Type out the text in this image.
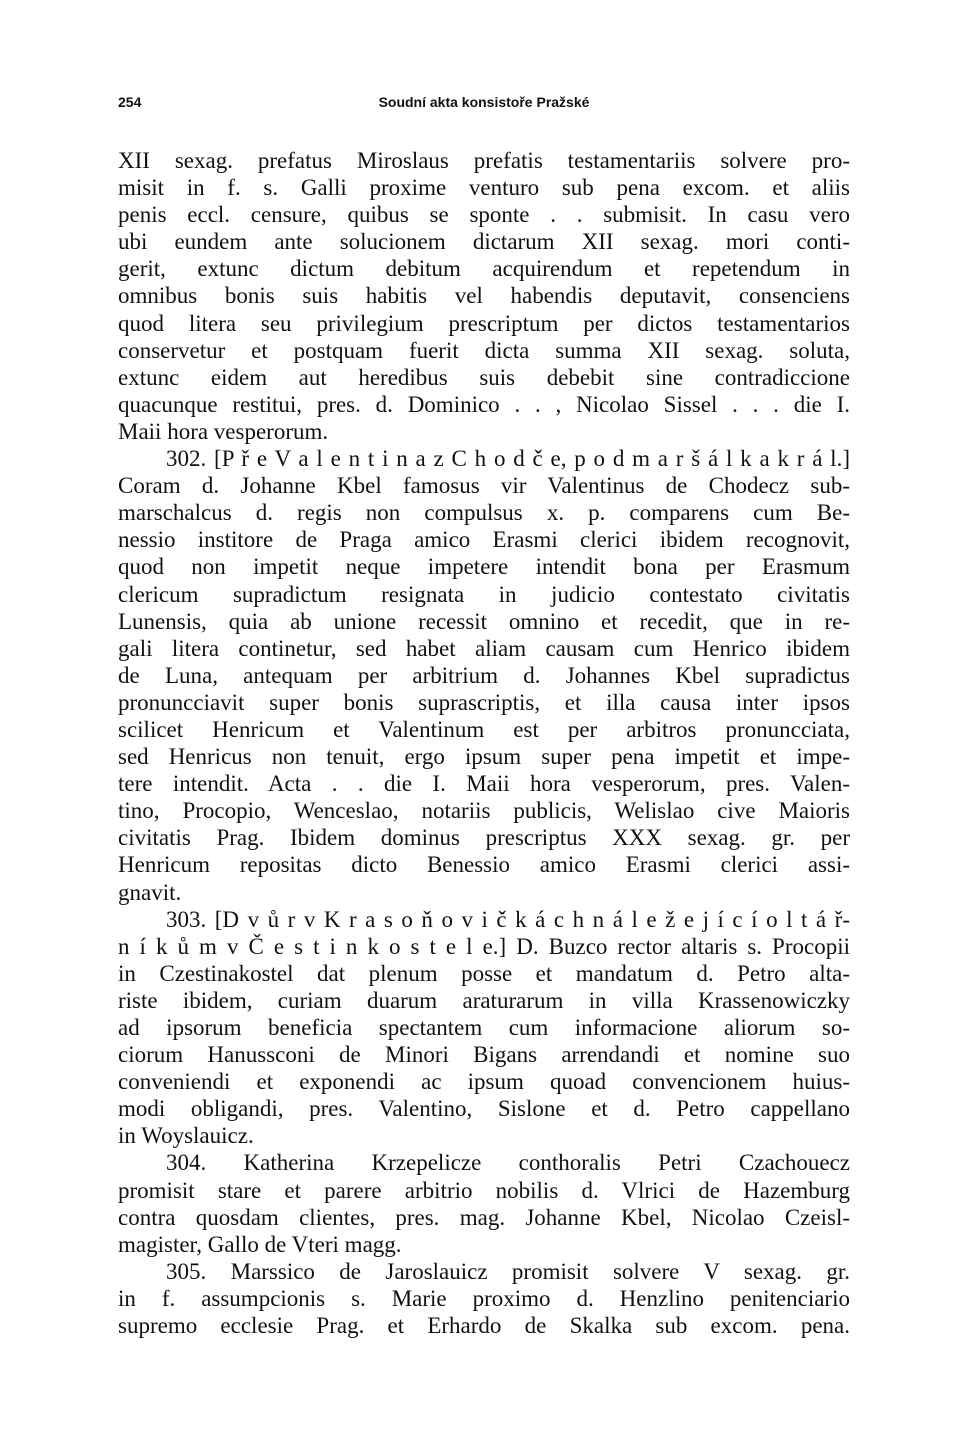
254	Soudní akta konsistoře Pražské
XII sexag. prefatus Miroslaus prefatis testamentariis solvere pro-
misit in f. s. Galli proxime venturo sub pena excom. et aliis
penis eccl. censure, quibus se sponte . . submisit. In casu vero
ubi eundem ante solucionem dictarum XII sexag. mori conti-
gerit, extunc dictum debitum acquirendum et repetendum in
omnibus bonis suis habitis vel habendis deputavit, consenciens
quod litera seu privilegium prescriptum per dictos testamentarios
conservetur et postquam fuerit dicta summa XII sexag. soluta,
extunc eidem aut heredibus suis debebit sine contradiccione
quacunque restitui, pres. d. Dominico . . , Nicolao Sissel . . . die I.
Maii hora vesperorum.
302. [P ř e V a l e n t i n a z C h o d č e, p o d m a r š á l k a k r á l.]
Coram d. Johanne Kbel famosus vir Valentinus de Chodecz sub-
marschalcus d. regis non compulsus x. p. comparens cum Be-
nessio institore de Praga amico Erasmi clerici ibidem recognovit,
quod non impetit neque impetere intendit bona per Erasmum
clericum supradictum resignata in judicio contestato civitatis
Lunensis, quia ab unione recessit omnino et recedit, que in re-
gali litera continetur, sed habet aliam causam cum Henrico ibidem
de Luna, antequam per arbitrium d. Johannes Kbel supradictus
pronuncciavit super bonis suprascriptis, et illa causa inter ipsos
scilicet Henricum et Valentinum est per arbitros pronuncciata,
sed Henricus non tenuit, ergo ipsum super pena impetit et impe-
tere intendit. Acta . . die I. Maii hora vesperorum, pres. Valen-
tino, Procopio, Wenceslao, notariis publicis, Welislao cive Maioris
civitatis Prag. Ibidem dominus prescriptus XXX sexag. gr. per
Henricum repositas dicto Benessio amico Erasmi clerici assi-
gnavit.
303. [D v ů r v K r a s o ň o v i č k á c h n á l e ž e j í c í o l t á ř-
n í k ů m v Č e s t i n k o s t e l e.] D. Buzco rector altaris s. Procopii
in Czestinakostel dat plenum posse et mandatum d. Petro alta-
riste ibidem, curiam duarum araturarum in villa Krassenowiczky
ad ipsorum beneficia spectantem cum informacione aliorum so-
ciorum Hanussconi de Minori Bigans arrendandi et nomine suo
conveniendi et exponendi ac ipsum quoad convencionem huius-
modi obligandi, pres. Valentino, Sislone et d. Petro cappellano
in Woyslauicz.
304. Katherina Krzepelicze conthoralis Petri Czachouecz
promisit stare et parere arbitrio nobilis d. Vlrici de Hazemburg
contra quosdam clientes, pres. mag. Johanne Kbel, Nicolao Czeisl-
magister, Gallo de Vteri magg.
305. Marssico de Jaroslauicz promisit solvere V sexag. gr.
in f. assumpcionis s. Marie proximo d. Henzlino penitenciario
supremo ecclesie Prag. et Erhardo de Skalka sub excom. pena.
